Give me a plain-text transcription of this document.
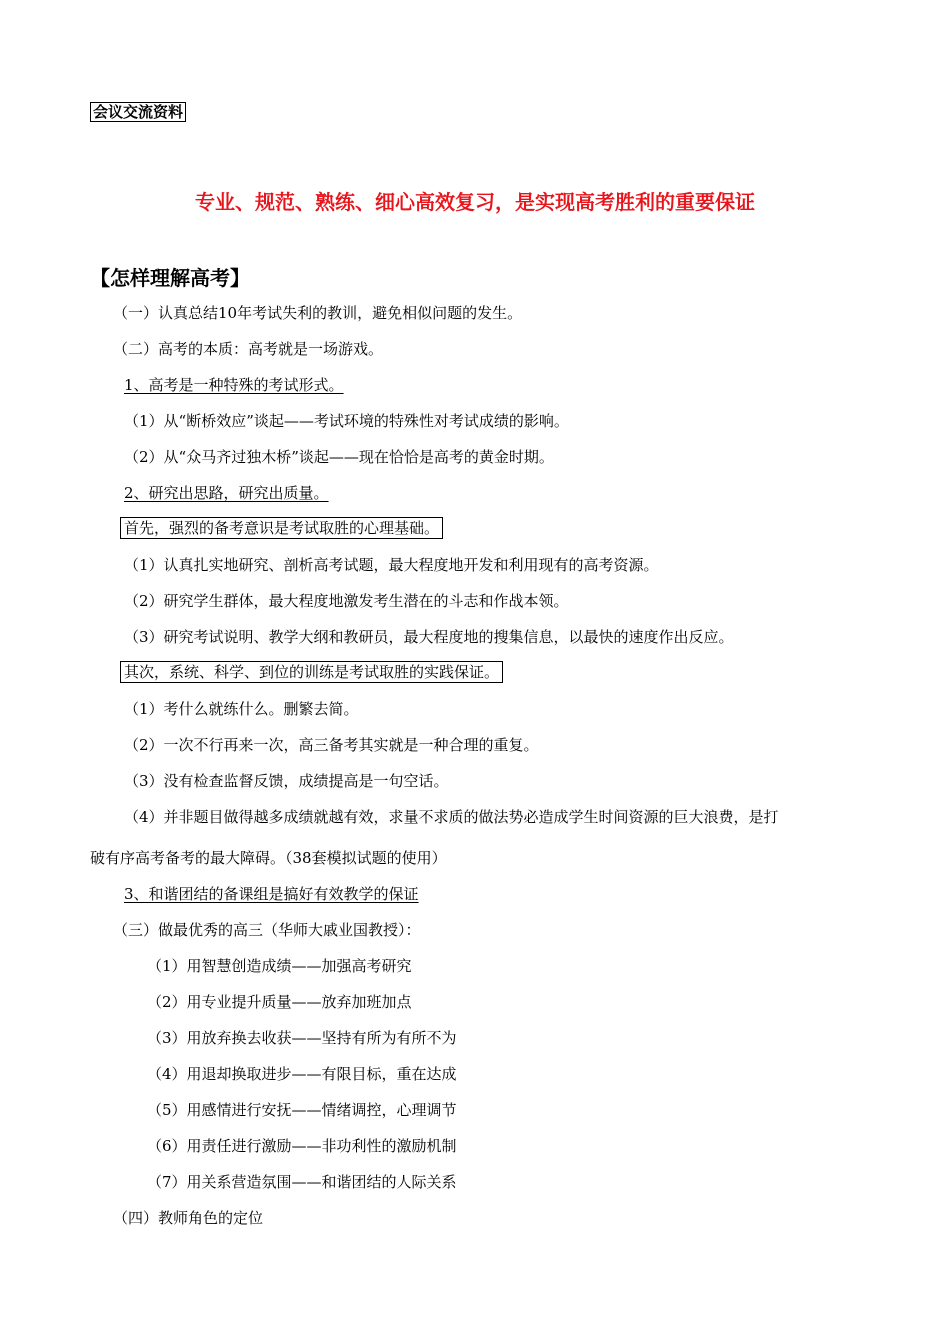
会议交流资料
专业、规范、熟练、细心高效复习，是实现高考胜利的重要保证
【怎样理解高考】
（一）认真总结10年考试失利的教训，避免相似问题的发生。
（二）高考的本质：高考就是一场游戏。
1、高考是一种特殊的考试形式。
（1）从“断桥效应”谈起——考试环境的特殊性对考试成绩的影响。
（2）从“众马齐过独木桥”谈起——现在恰恰是高考的黄金时期。
2、研究出思路，研究出质量。
首先，强烈的备考意识是考试取胜的心理基础。
（1）认真扎实地研究、剖析高考试题，最大程度地开发和利用现有的高考资源。
（2）研究学生群体，最大程度地激发考生潜在的斗志和作战本领。
（3）研究考试说明、教学大纲和教研员，最大程度地的搜集信息，以最快的速度作出反应。
其次，系统、科学、到位的训练是考试取胜的实践保证。
（1）考什么就练什么。删繁去简。
（2）一次不行再来一次，高三备考其实就是一种合理的重复。
（3）没有检查监督反馈，成绩提高是一句空话。
（4）并非题目做得越多成绩就越有效，求量不求质的做法势必造成学生时间资源的巨大浪费，是打
破有序高考备考的最大障碍。（38套模拟试题的使用）
3、和谐团结的备课组是搞好有效教学的保证
（三）做最优秀的高三（华师大戚业国教授）：
（1）用智慧创造成绩——加强高考研究
（2）用专业提升质量——放弃加班加点
（3）用放弃换去收获——坚持有所为有所不为
（4）用退却换取进步——有限目标，重在达成
（5）用感情进行安抚——情绪调控，心理调节
（6）用责任进行激励——非功利性的激励机制
（7）用关系营造氛围——和谐团结的人际关系
（四）教师角色的定位
